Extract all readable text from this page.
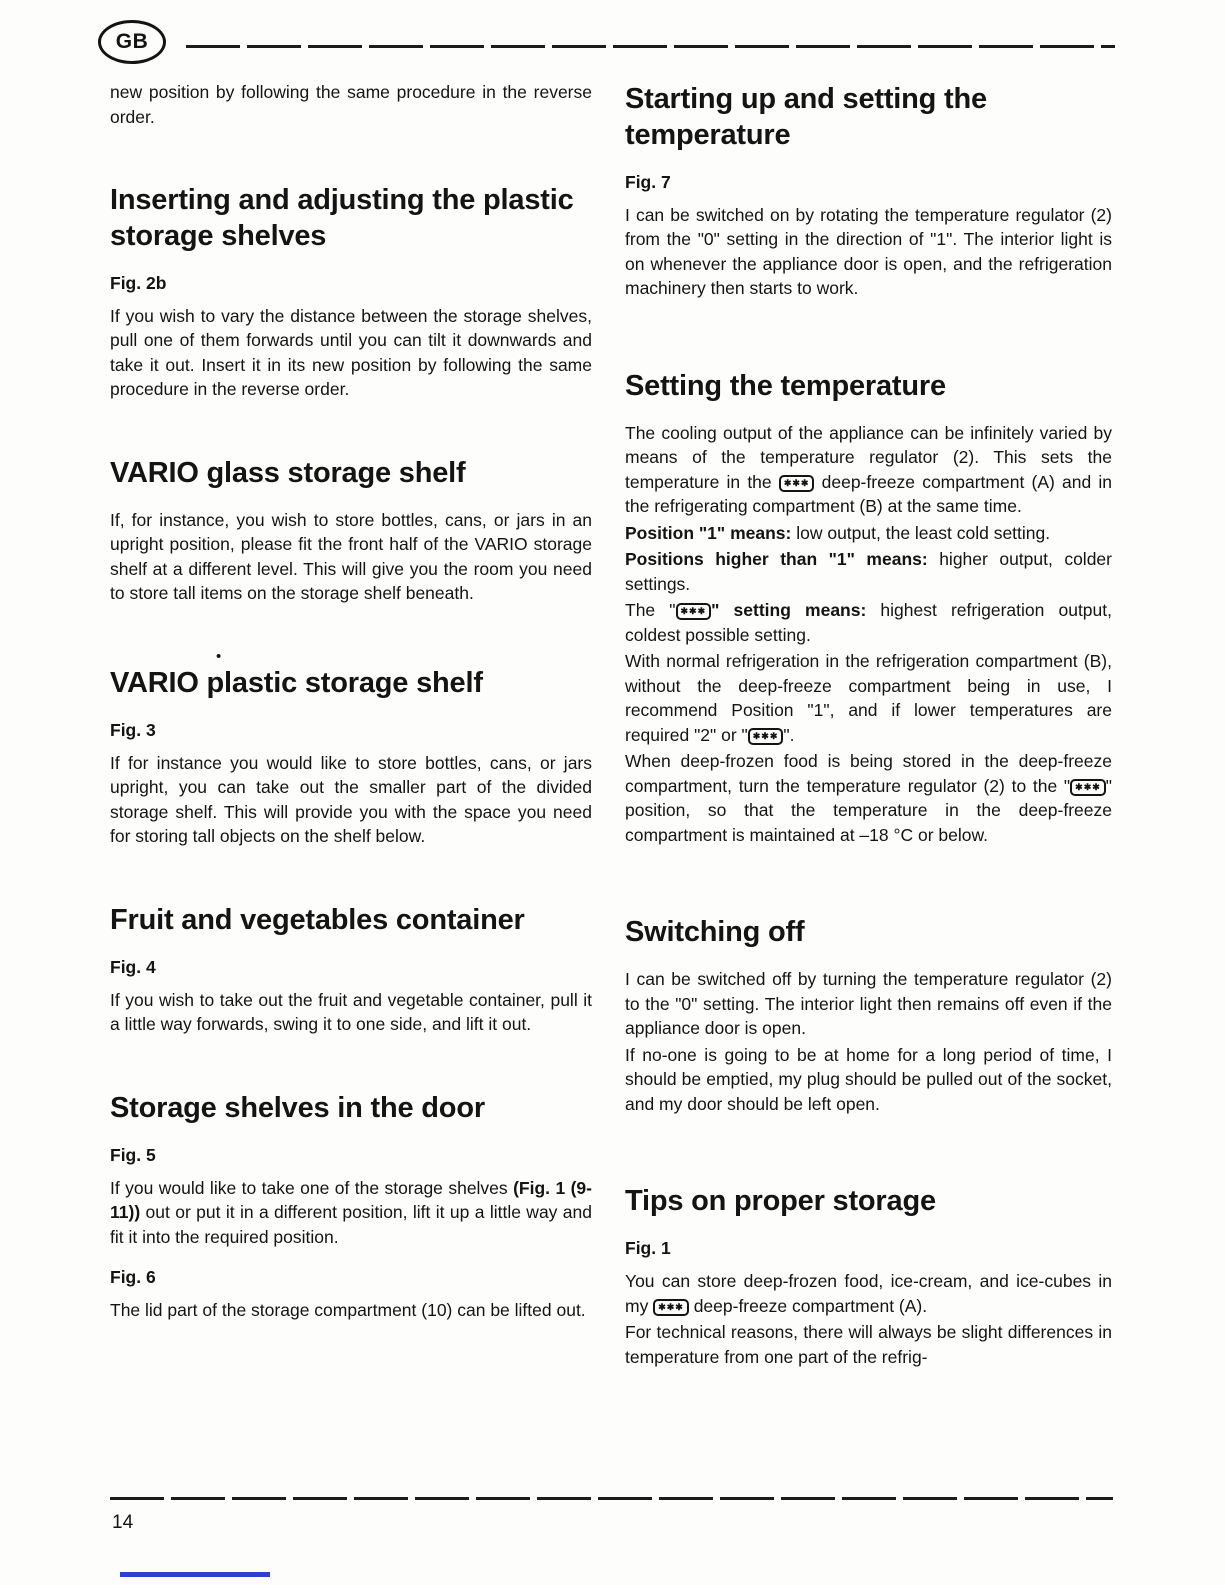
GB

new position by following the same procedure in the reverse order.

Inserting and adjusting the plastic storage shelves

Fig. 2b

If you wish to vary the distance between the storage shelves, pull one of them forwards until you can tilt it downwards and take it out. Insert it in its new position by following the same procedure in the reverse order.

VARIO glass storage shelf

If, for instance, you wish to store bottles, cans, or jars in an upright position, please fit the front half of the VARIO storage shelf at a different level. This will give you the room you need to store tall items on the storage shelf beneath.

•
VARIO plastic storage shelf

Fig. 3

If for instance you would like to store bottles, cans, or jars upright, you can take out the smaller part of the divided storage shelf. This will provide you with the space you need for storing tall objects on the shelf below.

Fruit and vegetables container

Fig. 4

If you wish to take out the fruit and vegetable container, pull it a little way forwards, swing it to one side, and lift it out.

Storage shelves in the door

Fig. 5

If you would like to take one of the storage shelves (Fig. 1 (9-11)) out or put it in a different position, lift it up a little way and fit it into the required position.

Fig. 6

The lid part of the storage compartment (10) can be lifted out.

Starting up and setting the temperature

Fig. 7

I can be switched on by rotating the temperature regulator (2) from the "0" setting in the direction of "1". The interior light is on whenever the appliance door is open, and the refrigeration machinery then starts to work.

Setting the temperature

The cooling output of the appliance can be infinitely varied by means of the temperature regulator (2). This sets the temperature in the ✱✱✱ deep-freeze compartment (A) and in the refrigerating compartment (B) at the same time.

Position "1" means: low output, the least cold setting.

Positions higher than "1" means: higher output, colder settings.

The " ✱✱✱ " setting means: highest refrigeration output, coldest possible setting.

With normal refrigeration in the refrigeration compartment (B), without the deep-freeze compartment being in use, I recommend Position "1", and if lower temperatures are required "2" or " ✱✱✱ ".

When deep-frozen food is being stored in the deep-freeze compartment, turn the temperature regulator (2) to the " ✱✱✱ " position, so that the temperature in the deep-freeze compartment is maintained at –18 °C or below.

Switching off

I can be switched off by turning the temperature regulator (2) to the "0" setting. The interior light then remains off even if the appliance door is open.

If no-one is going to be at home for a long period of time, I should be emptied, my plug should be pulled out of the socket, and my door should be left open.

Tips on proper storage

Fig. 1

You can store deep-frozen food, ice-cream, and ice-cubes in my ✱✱✱ deep-freeze compartment (A).

For technical reasons, there will always be slight differences in temperature from one part of the refrig-

14
